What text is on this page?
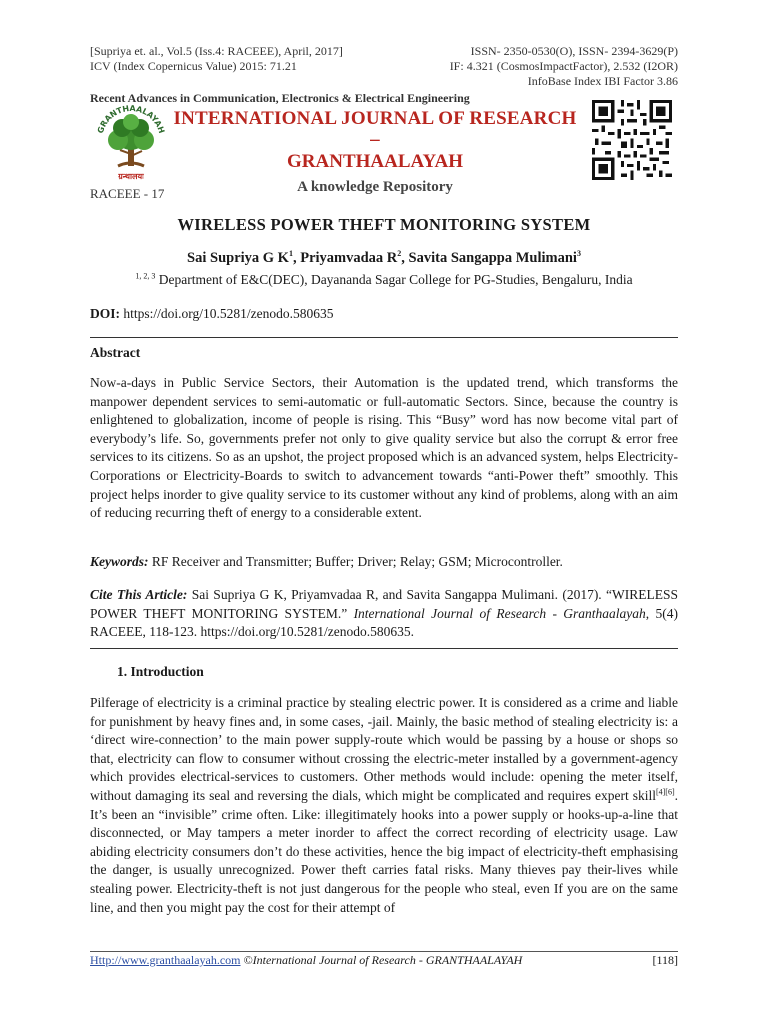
[Supriya et. al., Vol.5 (Iss.4: RACEEE), April, 2017]
ICV (Index Copernicus Value) 2015: 71.21
ISSN- 2350-0530(O), ISSN- 2394-3629(P)
IF: 4.321 (CosmosImpactFactor), 2.532 (I2OR)
InfoBase Index IBI Factor 3.86
Recent Advances in Communication, Electronics & Electrical Engineering
GRANTHAALAYAH
ग्रन्थालयः
INTERNATIONAL JOURNAL OF RESEARCH –
GRANTHAALAYAH
A knowledge Repository
RACEEE - 17
WIRELESS POWER THEFT MONITORING SYSTEM
Sai Supriya G $K^1$, Priyamvadaa $R^2$, Savita Sangappa Mulimani$^3$
$^{1, 2, 3}$ Department of E&C(DEC), Dayananda Sagar College for PG-Studies, Bengaluru, India
DOI: https://doi.org/10.5281/zenodo.580635
Abstract
Now-a-days in Public Service Sectors, their Automation is the updated trend, which transforms the manpower dependent services to semi-automatic or full-automatic Sectors. Since, because the country is enlightened to globalization, income of people is rising. This “Busy” word has now become vital part of everybody’s life. So, governments prefer not only to give quality service but also the corrupt & error free services to its citizens. So as an upshot, the project proposed which is an advanced system, helps Electricity-Corporations or Electricity-Boards to switch to advancement towards “anti-Power theft” smoothly. This project helps inorder to give quality service to its customer without any kind of problems, along with an aim of reducing recurring theft of energy to a considerable extent.
Keywords: RF Receiver and Transmitter; Buffer; Driver; Relay; GSM; Microcontroller.
Cite This Article: Sai Supriya G K, Priyamvadaa R, and Savita Sangappa Mulimani. (2017). “WIRELESS POWER THEFT MONITORING SYSTEM.” International Journal of Research - Granthaalayah, 5(4) RACEEE, 118-123. https://doi.org/10.5281/zenodo.580635.
1. Introduction
Pilferage of electricity is a criminal practice by stealing electric power. It is considered as a crime and liable for punishment by heavy fines and, in some cases, -jail. Mainly, the basic method of stealing electricity is: a ‘direct wire-connection’ to the main power supply-route which would be passing by a house or shops so that, electricity can flow to consumer without crossing the electric-meter installed by a government-agency which provides electrical-services to customers. Other methods would include: opening the meter itself, without damaging its seal and reversing the dials, which might be complicated and requires expert skill[4][6]. It’s been an “invisible” crime often. Like: illegitimately hooks into a power supply or hooks-up-a-line that disconnected, or May tampers a meter inorder to affect the correct recording of electricity usage. Law abiding electricity consumers don’t do these activities, hence the big impact of electricity-theft emphasising the danger, is usually unrecognized. Power theft carries fatal risks. Many thieves pay their-lives while stealing power. Electricity-theft is not just dangerous for the people who steal, even If you are on the same line, and then you might pay the cost for their attempt of
Http://www.granthaalayah.com ©International Journal of Research - GRANTHAALAYAH	[118]
